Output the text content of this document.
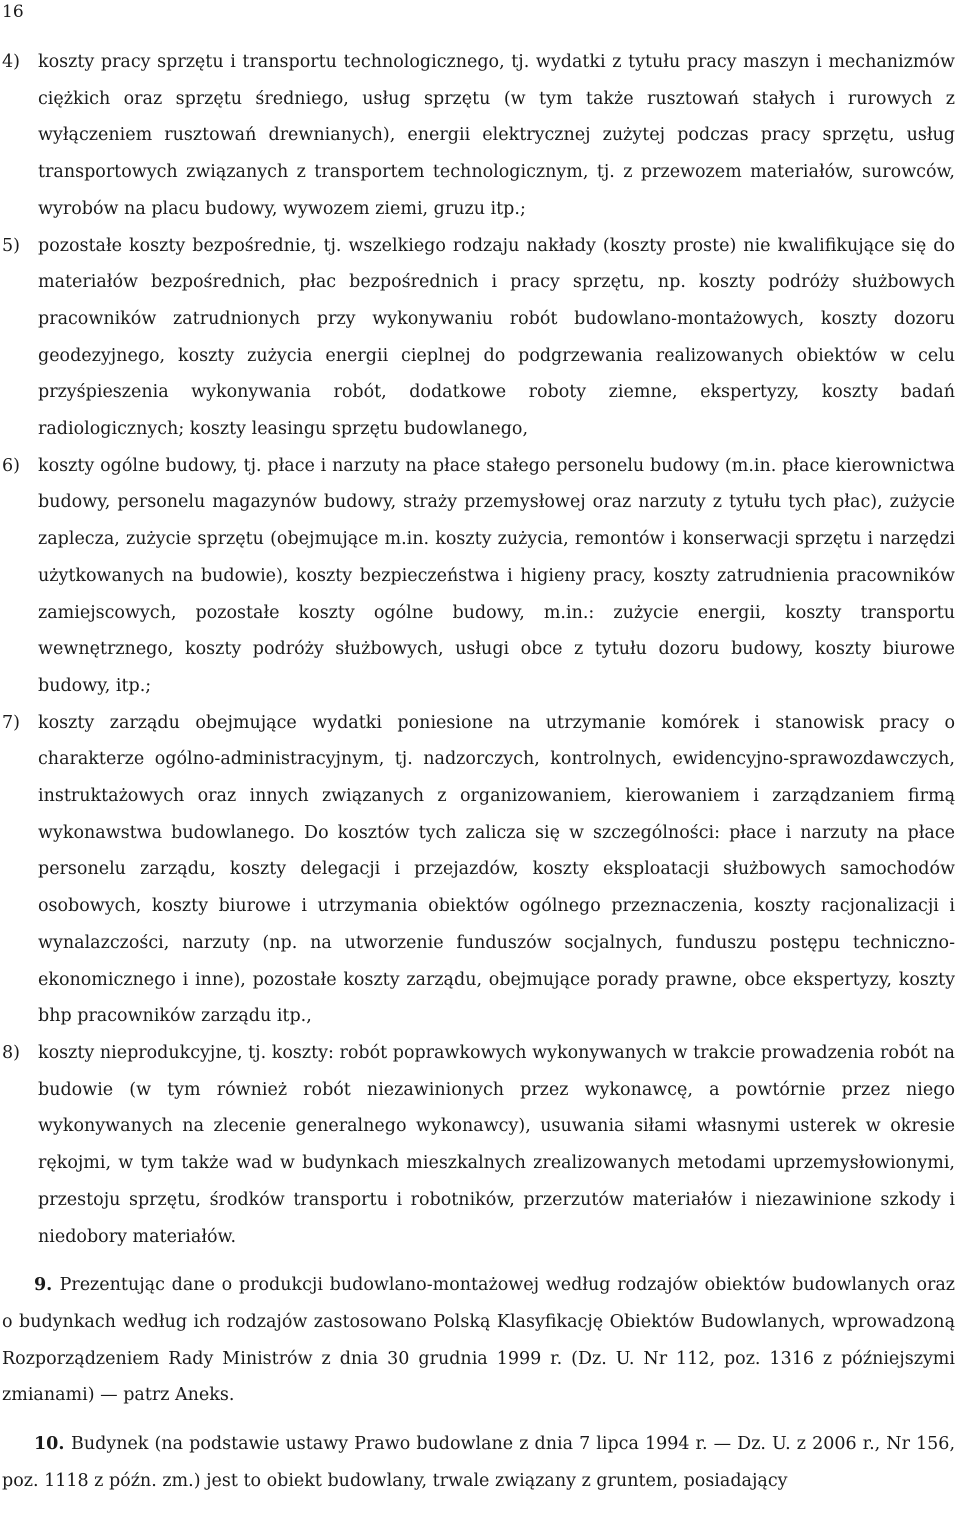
16
4)	koszty pracy sprzętu i transportu technologicznego, tj. wydatki z tytułu pracy maszyn i mechanizmów ciężkich oraz sprzętu średniego, usług sprzętu (w tym także rusztowań stałych i rurowych z wyłączeniem rusztowań drewnianych), energii elektrycznej zużytej podczas pracy sprzętu, usług transportowych związanych z transportem technologicznym, tj. z przewozem materiałów, surowców, wyrobów na placu budowy, wywozem ziemi, gruzu itp.;
5)	pozostałe koszty bezpośrednie, tj. wszelkiego rodzaju nakłady (koszty proste) nie kwalifikujące się do materiałów bezpośrednich, płac bezpośrednich i pracy sprzętu, np. koszty podróży służbowych pracowników zatrudnionych przy wykonywaniu robót budowlano-montażowych, koszty dozoru geodezyjnego, koszty zużycia energii cieplnej do podgrzewania realizowanych obiektów w celu przyśpieszenia wykonywania robót, dodatkowe roboty ziemne, ekspertyzy, koszty badań radiologicznych; koszty leasingu sprzętu budowlanego,
6)	koszty ogólne budowy, tj. płace i narzuty na płace stałego personelu budowy (m.in. płace kierownictwa budowy, personelu magazynów budowy, straży przemysłowej oraz narzuty z tytułu tych płac), zużycie zaplecza, zużycie sprzętu (obejmujące m.in. koszty zużycia, remontów i konserwacji sprzętu i narzędzi użytkowanych na budowie), koszty bezpieczeństwa i higieny pracy, koszty zatrudnienia pracowników zamiejscowych, pozostałe koszty ogólne budowy, m.in.: zużycie energii, koszty transportu wewnętrznego, koszty podróży służbowych, usługi obce z tytułu dozoru budowy, koszty biurowe budowy, itp.;
7)	koszty zarządu obejmujące wydatki poniesione na utrzymanie komórek i stanowisk pracy o charakterze ogólno-administracyjnym, tj. nadzorczych, kontrolnych, ewidencyjno-sprawozdawczych, instruktażowych oraz innych związanych z organizowaniem, kierowaniem i zarządzaniem firmą wykonawstwa budowlanego. Do kosztów tych zalicza się w szczególności: płace i narzuty na płace personelu zarządu, koszty delegacji i przejazdów, koszty eksploatacji służbowych samochodów osobowych, koszty biurowe i utrzymania obiektów ogólnego przeznaczenia, koszty racjonalizacji i wynalazczości, narzuty (np. na utworzenie funduszów socjalnych, funduszu postępu techniczno-ekonomicznego i inne), pozostałe koszty zarządu, obejmujące porady prawne, obce ekspertyzy, koszty bhp pracowników zarządu itp.,
8)	koszty nieprodukcyjne, tj. koszty: robót poprawkowych wykonywanych w trakcie prowadzenia robót na budowie (w tym również robót niezawinionych przez wykonawcę, a powtórnie przez niego wykonywanych na zlecenie generalnego wykonawcy), usuwania siłami własnymi usterek w okresie rękojmi, w tym także wad w budynkach mieszkalnych zrealizowanych metodami uprzemysłowionymi, przestoju sprzętu, środków transportu i robotników, przerzutów materiałów i niezawinione szkody i niedobory materiałów.
9. Prezentując dane o produkcji budowlano-montażowej według rodzajów obiektów budowlanych oraz o budynkach według ich rodzajów zastosowano Polską Klasyfikację Obiektów Budowlanych, wprowadzoną Rozporządzeniem Rady Ministrów z dnia 30 grudnia 1999 r. (Dz. U. Nr 112, poz. 1316 z późniejszymi zmianami) — patrz Aneks.
10. Budynek (na podstawie ustawy Prawo budowlane z dnia 7 lipca 1994 r. — Dz. U. z 2006 r., Nr 156, poz. 1118 z późn. zm.) jest to obiekt budowlany, trwale związany z gruntem, posiadający
